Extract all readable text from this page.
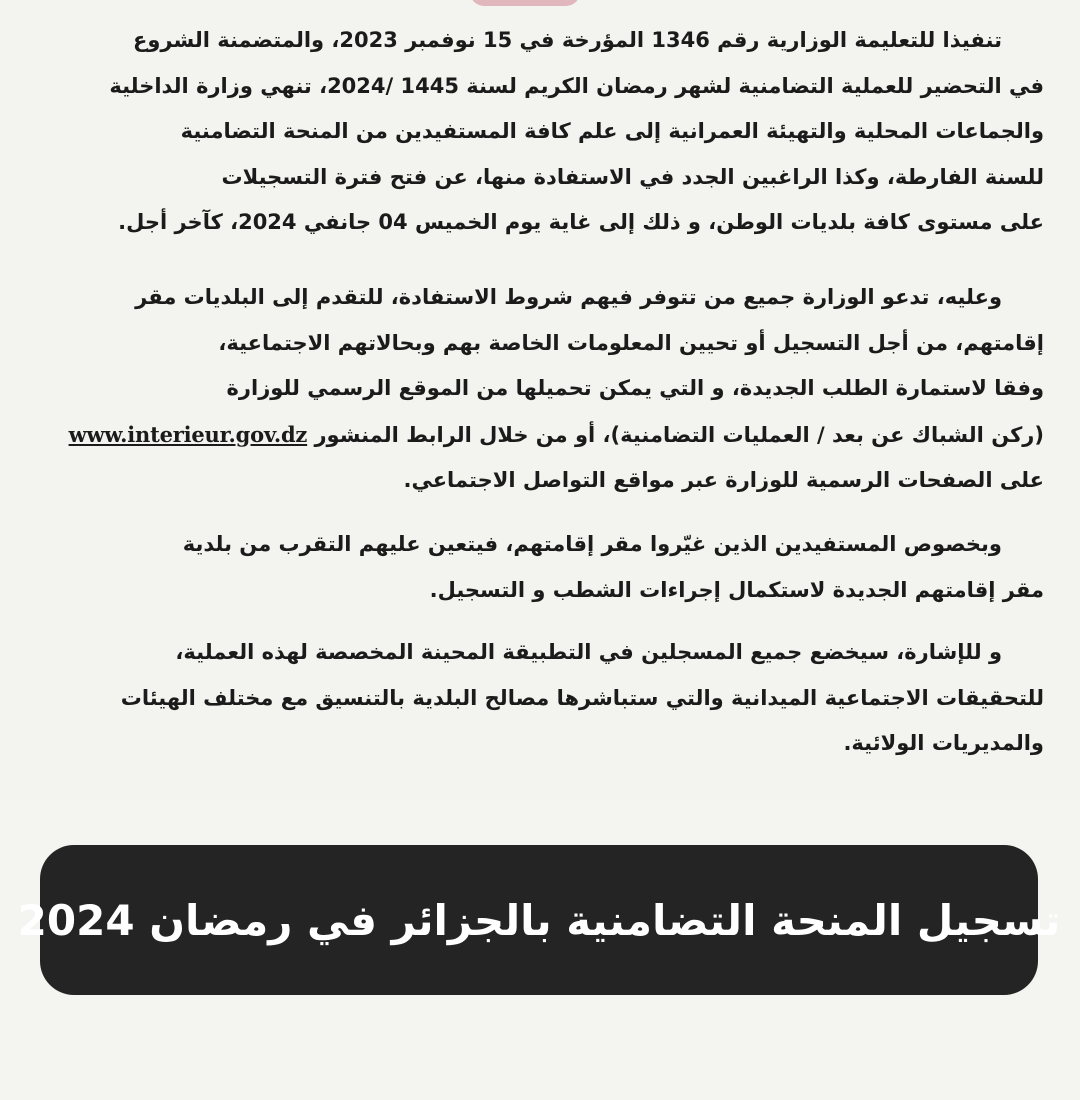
تنفيذا للتعليمة الوزارية رقم 1346 المؤرخة في 15 نوفمبر 2023، والمتضمنة الشروع
في التحضير للعملية التضامنية لشهر رمضان الكريم لسنة 1445 /2024، تنهي وزارة الداخلية
والجماعات المحلية والتهيئة العمرانية إلى علم كافة المستفيدين من المنحة التضامنية
للسنة الفارطة، وكذا الراغبين الجدد في الاستفادة منها، عن فتح فترة التسجيلات
على مستوى كافة بلديات الوطن، و ذلك إلى غاية يوم الخميس 04 جانفي 2024، كآخر أجل.
وعليه، تدعو الوزارة جميع من تتوفر فيهم شروط الاستفادة، للتقدم إلى البلديات مقر
إقامتهم، من أجل التسجيل أو تحيين المعلومات الخاصة بهم وبحالاتهم الاجتماعية،
وفقا لاستمارة الطلب الجديدة، و التي يمكن تحميلها من الموقع الرسمي للوزارة
(ركن الشباك عن بعد / العمليات التضامنية)، أو من خلال الرابط المنشور www.interieur.gov.dz
على الصفحات الرسمية للوزارة عبر مواقع التواصل الاجتماعي.
وبخصوص المستفيدين الذين غيّروا مقر إقامتهم، فيتعين عليهم التقرب من بلدية
مقر إقامتهم الجديدة لاستكمال إجراءات الشطب و التسجيل.
و للإشارة، سيخضع جميع المسجلين في التطبيقة المحينة المخصصة لهذه العملية،
للتحقيقات الاجتماعية الميدانية والتي ستباشرها مصالح البلدية بالتنسيق مع مختلف الهيئات
والمديريات الولائية.
تسجيل المنحة التضامنية بالجزائر في رمضان 2024
